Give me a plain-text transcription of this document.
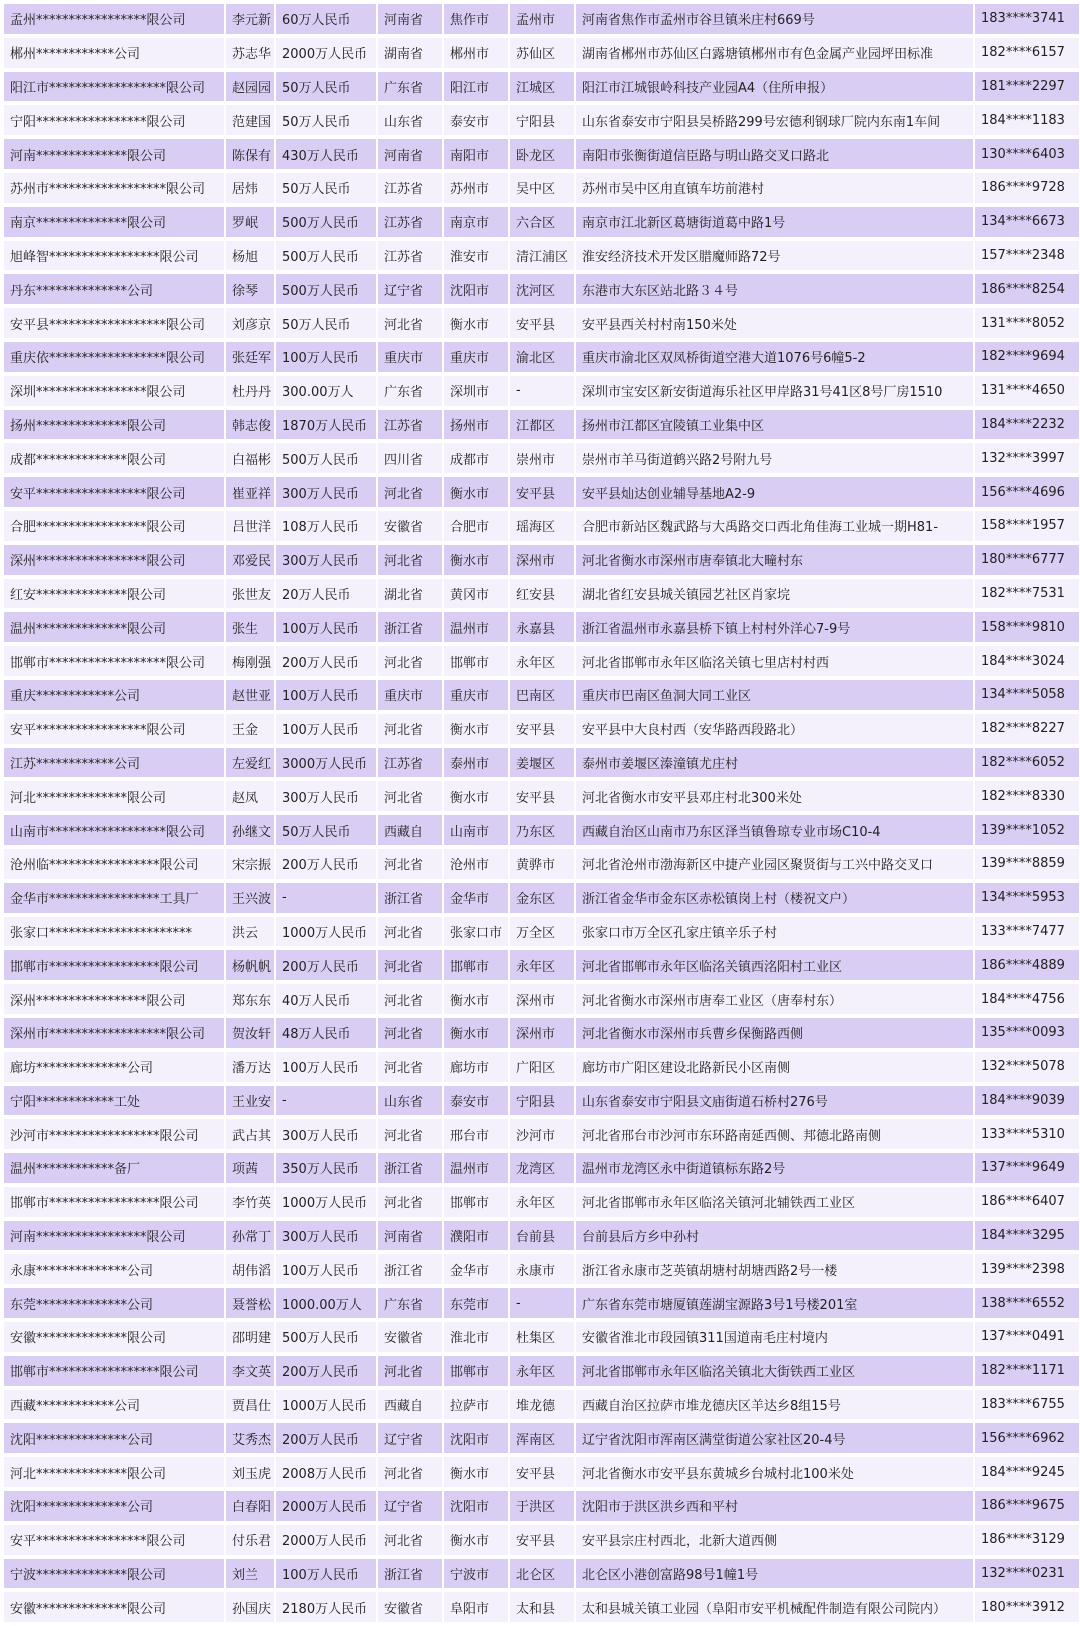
孟州*****************限公司	李元新	60万人民币	河南省	焦作市	孟州市	河南省焦作市孟州市谷旦镇米庄村669号	183****3741
郴州************公司	苏志华	2000万人民币	湖南省	郴州市	苏仙区	湖南省郴州市苏仙区白露塘镇郴州市有色金属产业园坪田标准	182****6157
阳江市******************限公司	赵园园	50万人民币	广东省	阳江市	江城区	阳江市江城银岭科技产业园A4（住所申报）	181****2297
宁阳*****************限公司	范建国	50万人民币	山东省	泰安市	宁阳县	山东省泰安市宁阳县吴桥路299号宏德利钢球厂院内东南1车间	184****1183
河南**************限公司	陈保有	430万人民币	河南省	南阳市	卧龙区	南阳市张衡街道信臣路与明山路交叉口路北	130****6403
苏州市******************限公司	居炜	50万人民币	江苏省	苏州市	吴中区	苏州市吴中区甪直镇车坊前港村	186****9728
南京**************限公司	罗岷	500万人民币	江苏省	南京市	六合区	南京市江北新区葛塘街道葛中路1号	134****6673
旭峰智*****************限公司	杨旭	500万人民币	江苏省	淮安市	清江浦区	淮安经济技术开发区腊魔师路72号	157****2348
丹东**************公司	徐琴	500万人民币	辽宁省	沈阳市	沈河区	东港市大东区站北路３４号	186****8254
安平县******************限公司	刘彦京	50万人民币	河北省	衡水市	安平县	安平县西关村村南150米处	131****8052
重庆依******************限公司	张廷军	100万人民币	重庆市	重庆市	渝北区	重庆市渝北区双凤桥街道空港大道1076号6幢5-2	182****9694
深圳*****************限公司	杜丹丹	300.00万人	广东省	深圳市	-	深圳市宝安区新安街道海乐社区甲岸路31号41区8号厂房1510	131****4650
扬州**************限公司	韩志俊	1870万人民币	江苏省	扬州市	江都区	扬州市江都区宜陵镇工业集中区	184****2232
成都**************限公司	白福彬	500万人民币	四川省	成都市	崇州市	崇州市羊马街道鹤兴路2号附九号	132****3997
安平*****************限公司	崔亚祥	300万人民币	河北省	衡水市	安平县	安平县灿达创业辅导基地A2-9	156****4696
合肥*****************限公司	吕世洋	108万人民币	安徽省	合肥市	瑶海区	合肥市新站区魏武路与大禹路交口西北角佳海工业城一期H81-	158****1957
深州*****************限公司	邓爱民	300万人民币	河北省	衡水市	深州市	河北省衡水市深州市唐奉镇北大疃村东	180****6777
红安**************限公司	张世友	20万人民币	湖北省	黄冈市	红安县	湖北省红安县城关镇园艺社区肖家垸	182****7531
温州**************限公司	张生	100万人民币	浙江省	温州市	永嘉县	浙江省温州市永嘉县桥下镇上村村外洋心7-9号	158****9810
邯郸市******************限公司	梅刚强	200万人民币	河北省	邯郸市	永年区	河北省邯郸市永年区临洺关镇七里店村村西	184****3024
重庆************公司	赵世亚	100万人民币	重庆市	重庆市	巴南区	重庆市巴南区鱼洞大同工业区	134****5058
安平*****************限公司	王金	100万人民币	河北省	衡水市	安平县	安平县中大良村西（安华路西段路北）	182****8227
江苏************公司	左爱红	3000万人民币	江苏省	泰州市	姜堰区	泰州市姜堰区溱潼镇尤庄村	182****6052
河北**************限公司	赵凤	300万人民币	河北省	衡水市	安平县	河北省衡水市安平县邓庄村北300米处	182****8330
山南市******************限公司	孙继文	50万人民币	西藏自	山南市	乃东区	西藏自治区山南市乃东区泽当镇鲁琼专业市场C10-4	139****1052
沧州临*****************限公司	宋宗振	200万人民币	河北省	沧州市	黄骅市	河北省沧州市渤海新区中捷产业园区聚贤街与工兴中路交叉口	139****8859
金华市*****************工具厂	王兴波	-	浙江省	金华市	金东区	浙江省金华市金东区赤松镇岗上村（楼祝文户）	134****5953
张家口**********************	洪云	1000万人民币	河北省	张家口市	万全区	张家口市万全区孔家庄镇辛乐子村	133****7477
邯郸市*****************限公司	杨帆帆	200万人民币	河北省	邯郸市	永年区	河北省邯郸市永年区临洺关镇西洺阳村工业区	186****4889
深州*****************限公司	郑东东	40万人民币	河北省	衡水市	深州市	河北省衡水市深州市唐奉工业区（唐奉村东）	184****4756
深州市******************限公司	贺汝轩	48万人民币	河北省	衡水市	深州市	河北省衡水市深州市兵曹乡保衡路西侧	135****0093
廊坊**************公司	潘万达	100万人民币	河北省	廊坊市	广阳区	廊坊市广阳区建设北路新民小区南侧	132****5078
宁阳************工处	王业安	-	山东省	泰安市	宁阳县	山东省泰安市宁阳县文庙街道石桥村276号	184****9039
沙河市*****************限公司	武占其	300万人民币	河北省	邢台市	沙河市	河北省邢台市沙河市东环路南延西侧、邦德北路南侧	133****5310
温州************备厂	项茜	350万人民币	浙江省	温州市	龙湾区	温州市龙湾区永中街道镇标东路2号	137****9649
邯郸市*****************限公司	李竹英	1000万人民币	河北省	邯郸市	永年区	河北省邯郸市永年区临洺关镇河北辅铁西工业区	186****6407
河南*****************限公司	孙常丁	300万人民币	河南省	濮阳市	台前县	台前县后方乡中孙村	184****3295
永康**************公司	胡伟滔	100万人民币	浙江省	金华市	永康市	浙江省永康市芝英镇胡塘村胡塘西路2号一楼	139****2398
东莞**************公司	聂誉松	1000.00万人	广东省	东莞市	-	广东省东莞市塘厦镇莲湖宝源路3号1号楼201室	138****6552
安徽**************限公司	邵明建	500万人民币	安徽省	淮北市	杜集区	安徽省淮北市段园镇311国道南毛庄村境内	137****0491
邯郸市*****************限公司	李文英	200万人民币	河北省	邯郸市	永年区	河北省邯郸市永年区临洺关镇北大街铁西工业区	182****1171
西藏************公司	贾昌仕	1000万人民币	西藏自	拉萨市	堆龙德	西藏自治区拉萨市堆龙德庆区羊达乡8组15号	183****6755
沈阳**************公司	艾秀杰	200万人民币	辽宁省	沈阳市	浑南区	辽宁省沈阳市浑南区满堂街道公家社区20-4号	156****6962
河北**************限公司	刘玉虎	2008万人民币	河北省	衡水市	安平县	河北省衡水市安平县东黄城乡台城村北100米处	184****9245
沈阳**************公司	白春阳	2000万人民币	辽宁省	沈阳市	于洪区	沈阳市于洪区洪乡西和平村	186****9675
安平*****************限公司	付乐君	2000万人民币	河北省	衡水市	安平县	安平县宗庄村西北，北新大道西侧	186****3129
宁波**************限公司	刘兰	100万人民币	浙江省	宁波市	北仑区	北仑区小港创富路98号1幢1号	132****0231
安徽**************限公司	孙国庆	2180万人民币	安徽省	阜阳市	太和县	太和县城关镇工业园（阜阳市安平机械配件制造有限公司院内）	180****3912
